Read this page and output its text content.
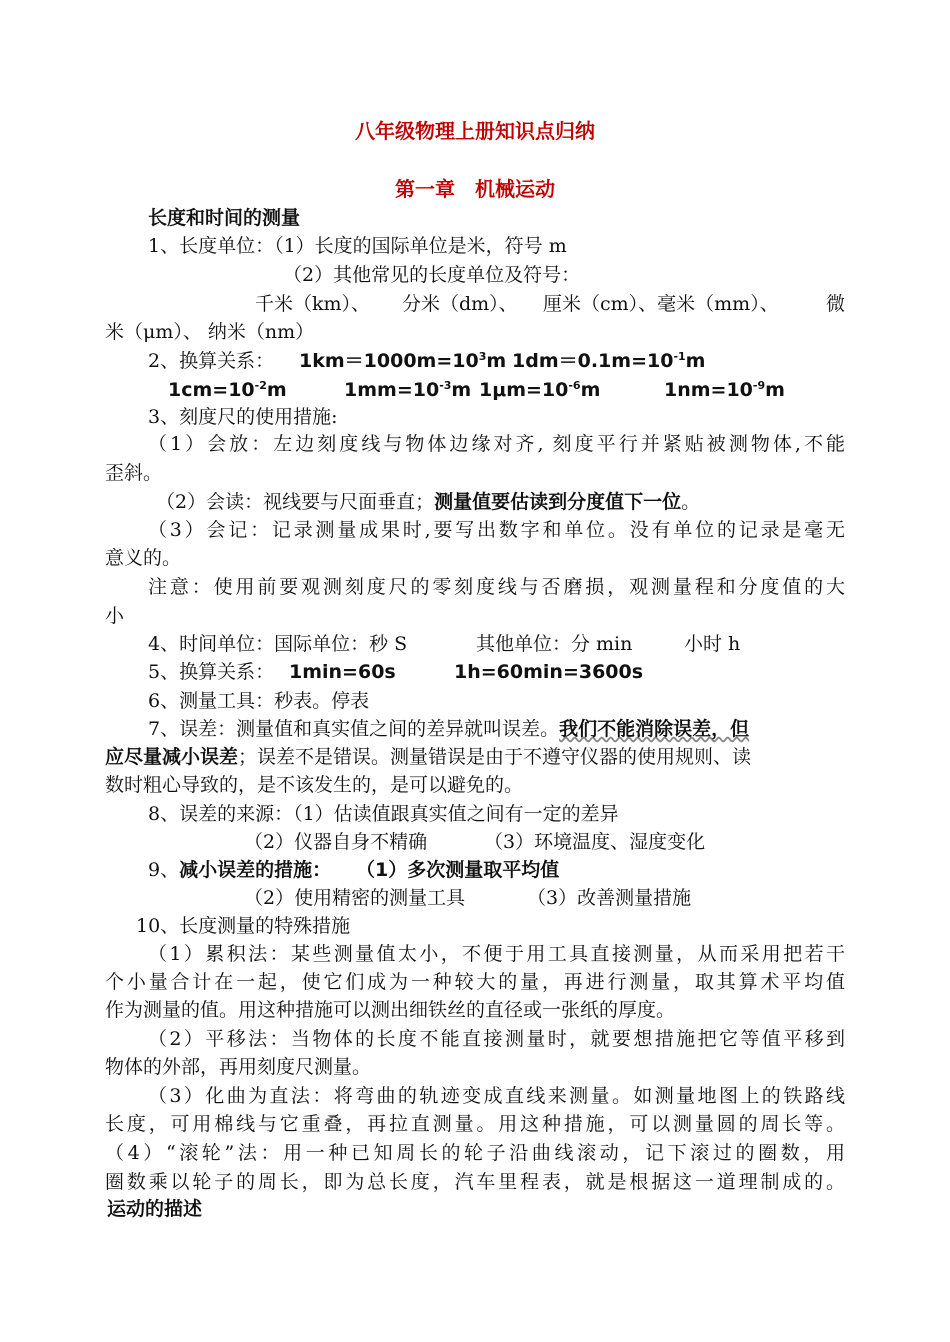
八年级物理上册知识点归纳
第一章　机械运动
长度和时间的测量
1、长度单位：（1）长度的国际单位是米，符号 m
（2）其他常见的长度单位及符号：
千米（km）、 分米（dm）、 厘米（cm）、毫米（mm）、 微
米（μm）、 纳米（nm）
2、换算关系： $1km=1000m=10^3m$ $1dm=0.1m=10^{-1}m$
$1cm=10^{-2}m$	$1mm=10^{-3}m$ $1\mu m=10^{-6}m$	$1nm=10^{-9}m$
3、刻度尺的使用措施:
（1）会放：左边刻度线与物体边缘对齐, 刻度平行并紧贴被测物体,不能
歪斜。
（2）会读：视线要与尺面垂直；测量值要估读到分度值下一位。
（3）会记：记录测量成果时,要写出数字和单位。没有单位的记录是毫无
意义的。
注意：使用前要观测刻度尺的零刻度线与否磨损，观测量程和分度值的大
小
4、时间单位：国际单位：秒 S	其他单位：分 min	小时 h
5、换算关系： 1min=60s	1h=60min=3600s
6、测量工具：秒表。停表
7、误差：测量值和真实值之间的差异就叫误差。我们不能消除误差，但
应尽量减小误差；误差不是错误。测量错误是由于不遵守仪器的使用规则、读
数时粗心导致的，是不该发生的，是可以避免的。
8、误差的来源：（1）估读值跟真实值之间有一定的差异
（2）仪器自身不精确	（3）环境温度、湿度变化
9、减小误差的措施： （1）多次测量取平均值
（2）使用精密的测量工具	（3）改善测量措施
10、长度测量的特殊措施
（1）累积法：某些测量值太小，不便于用工具直接测量，从而采用把若干
个小量合计在一起，使它们成为一种较大的量，再进行测量，取其算术平均值
作为测量的值。用这种措施可以测出细铁丝的直径或一张纸的厚度。
（2）平移法：当物体的长度不能直接测量时，就要想措施把它等值平移到
物体的外部，再用刻度尺测量。
（3）化曲为直法：将弯曲的轨迹变成直线来测量。如测量地图上的铁路线
长度，可用棉线与它重叠，再拉直测量。用这种措施，可以测量圆的周长等。
（4）“滚轮”法：用一种已知周长的轮子沿曲线滚动，记下滚过的圈数，用
圈数乘以轮子的周长，即为总长度，汽车里程表，就是根据这一道理制成的。
运动的描述
